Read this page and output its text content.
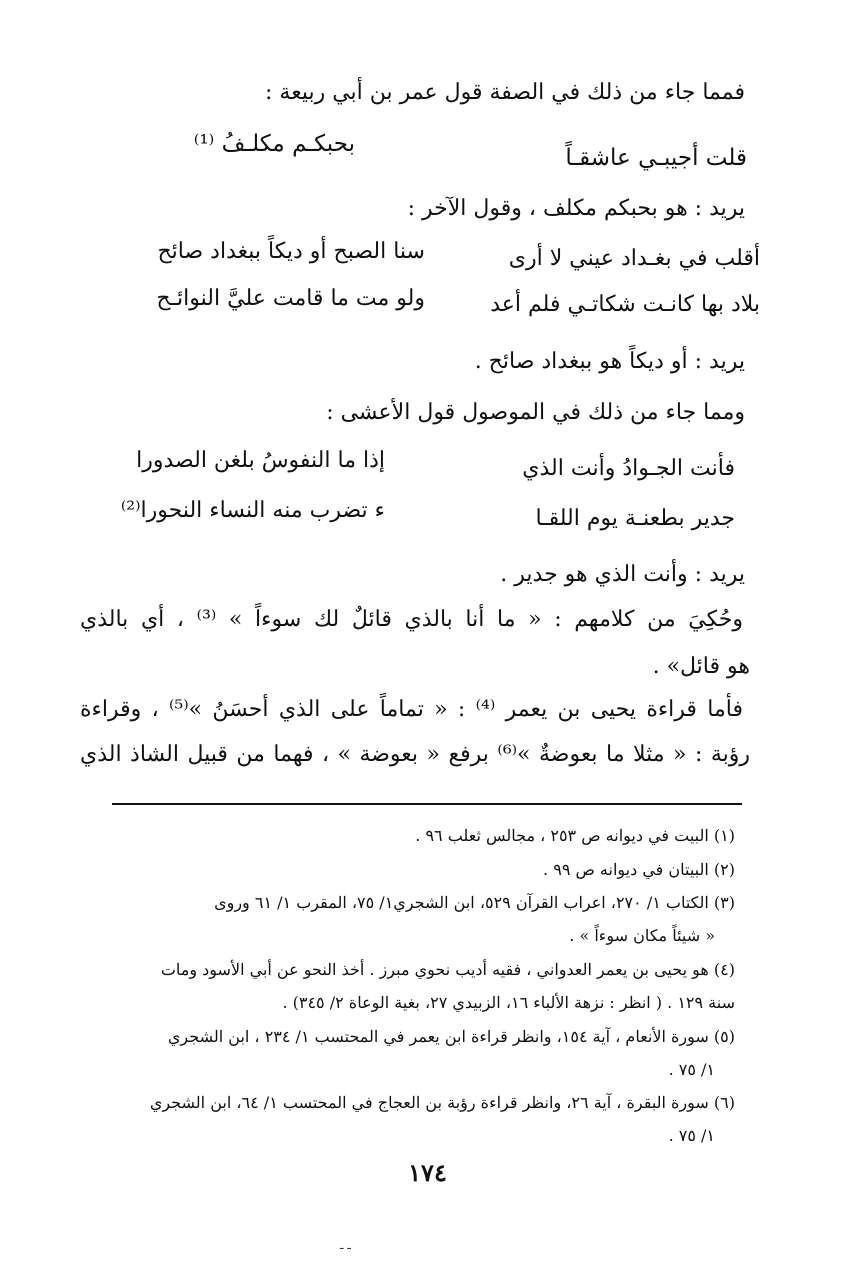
فمما جاء من ذلك في الصفة قول عمر بن أبي ربيعة :
قلت أجيبـي عاشقـاً
بحبكـم مكلـفُ ⁽¹⁾
يريد : هو بحبكم مكلف ، وقول الآخر :
أقلب في بغـداد عيني لا أرى
سنا الصبح أو ديكاً ببغداد صائح
بلاد بها كانـت شكاتـي فلم أعد
ولو مت ما قامت عليَّ النوائـح
يريد : أو ديكاً هو ببغداد صائح .
ومما جاء من ذلك في الموصول قول الأعشى :
فأنت الجـوادُ وأنت الذي
إذا ما النفوسُ بلغن الصدورا
جدير بطعنـة يوم اللقـا
ء تضرب منه النساء النحورا⁽²⁾
يريد : وأنت الذي هو جدير .
وحُكِيَ من كلامهم : « ما أنا بالذي قائلٌ لك سوءاً » ⁽³⁾ ، أي بالذي
هو قائل» .
فأما قراءة يحيى بن يعمر ⁽⁴⁾ : « تماماً على الذي أحسَنُ »⁽⁵⁾ ، وقراءة
رؤبة : « مثلا ما بعوضةٌ »⁽⁶⁾ برفع « بعوضة » ، فهما من قبيل الشاذ الذي
(١) البيت في ديوانه ص ٢٥٣ ، مجالس ثعلب ٩٦ .
(٢) البيتان في ديوانه ص ٩٩ .
(٣) الكتاب ١/ ٢٧٠، اعراب القرآن ٥٢٩، ابن الشجري١/ ٧٥، المقرب ١/ ٦١ وروى
« شيئاً مكان سوءاً » .
(٤) هو يحيى بن يعمر العدواني ، فقيه أديب نحوي مبرز . أخذ النحو عن أبي الأسود ومات
سنة ١٢٩ . ( انظر : نزهة الألباء ١٦، الزبيدي ٢٧، بغية الوعاة ٢/ ٣٤٥) .
(٥) سورة الأنعام ، آية ١٥٤، وانظر قراءة ابن يعمر في المحتسب ١/ ٢٣٤ ، ابن الشجري
١/ ٧٥ .
(٦) سورة البقرة ، آية ٢٦، وانظر قراءة رؤبة بن العجاج في المحتسب ١/ ٦٤، ابن الشجري
١/ ٧٥ .
١٧٤
ـ ـ
